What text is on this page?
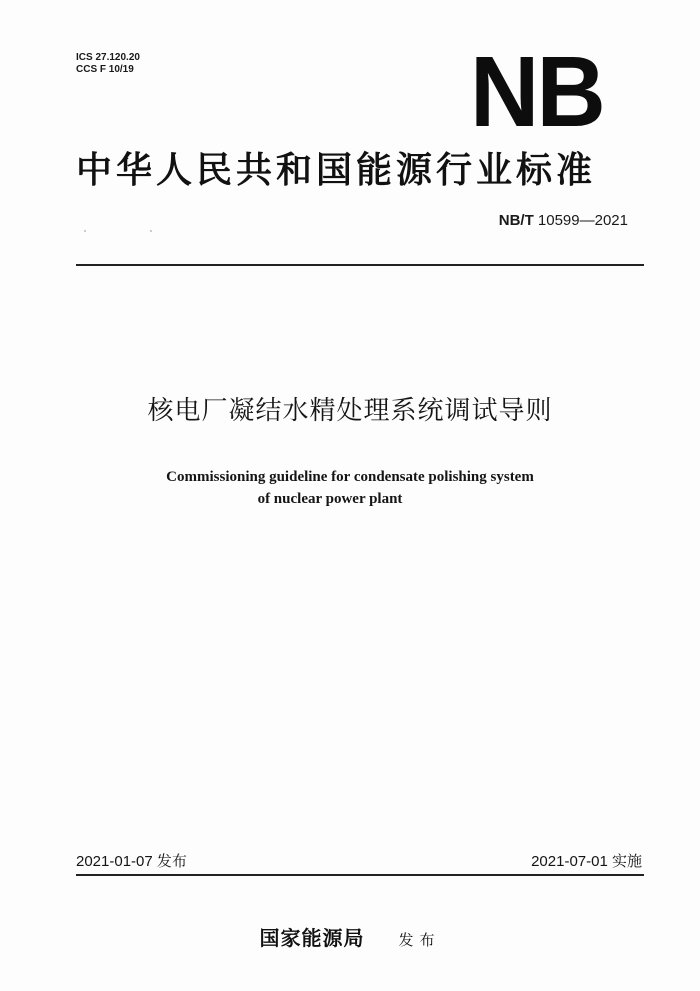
ICS 27.120.20
CCS F 10/19	NB
中华人民共和国能源行业标准
NB/T 10599—2021
核电厂凝结水精处理系统调试导则
Commissioning guideline for condensate polishing system
of nuclear power plant
2021-01-07 发布	2021-07-01 实施
国家能源局 发布
